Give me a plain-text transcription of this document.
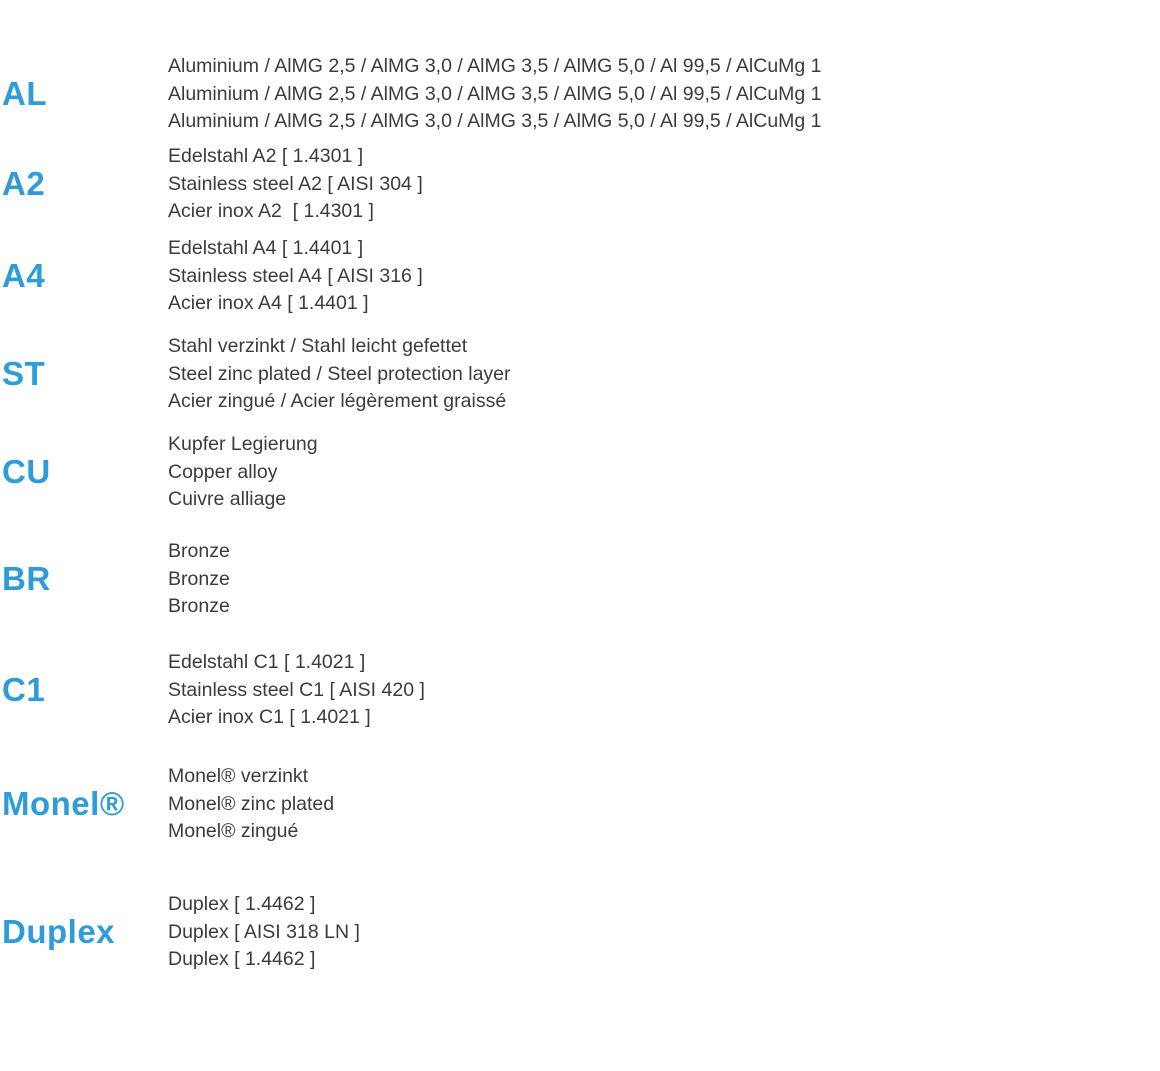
AL
Aluminium / AlMG 2,5 / AlMG 3,0 / AlMG 3,5 / AlMG 5,0 / Al 99,5 / AlCuMg 1
Aluminium / AlMG 2,5 / AlMG 3,0 / AlMG 3,5 / AlMG 5,0 / Al 99,5 / AlCuMg 1
Aluminium / AlMG 2,5 / AlMG 3,0 / AlMG 3,5 / AlMG 5,0 / Al 99,5 / AlCuMg 1
A2
Edelstahl A2 [ 1.4301 ]
Stainless steel A2 [ AISI 304 ]
Acier inox A2  [ 1.4301 ]
A4
Edelstahl A4 [ 1.4401 ]
Stainless steel A4 [ AISI 316 ]
Acier inox A4 [ 1.4401 ]
ST
Stahl verzinkt / Stahl leicht gefettet
Steel zinc plated / Steel protection layer
Acier zingué / Acier légèrement graissé
CU
Kupfer Legierung
Copper alloy
Cuivre alliage
BR
Bronze
Bronze
Bronze
C1
Edelstahl C1 [ 1.4021 ]
Stainless steel C1 [ AISI 420 ]
Acier inox C1 [ 1.4021 ]
Monel®
Monel® verzinkt
Monel® zinc plated
Monel® zingué
Duplex
Duplex [ 1.4462 ]
Duplex [ AISI 318 LN ]
Duplex [ 1.4462 ]
